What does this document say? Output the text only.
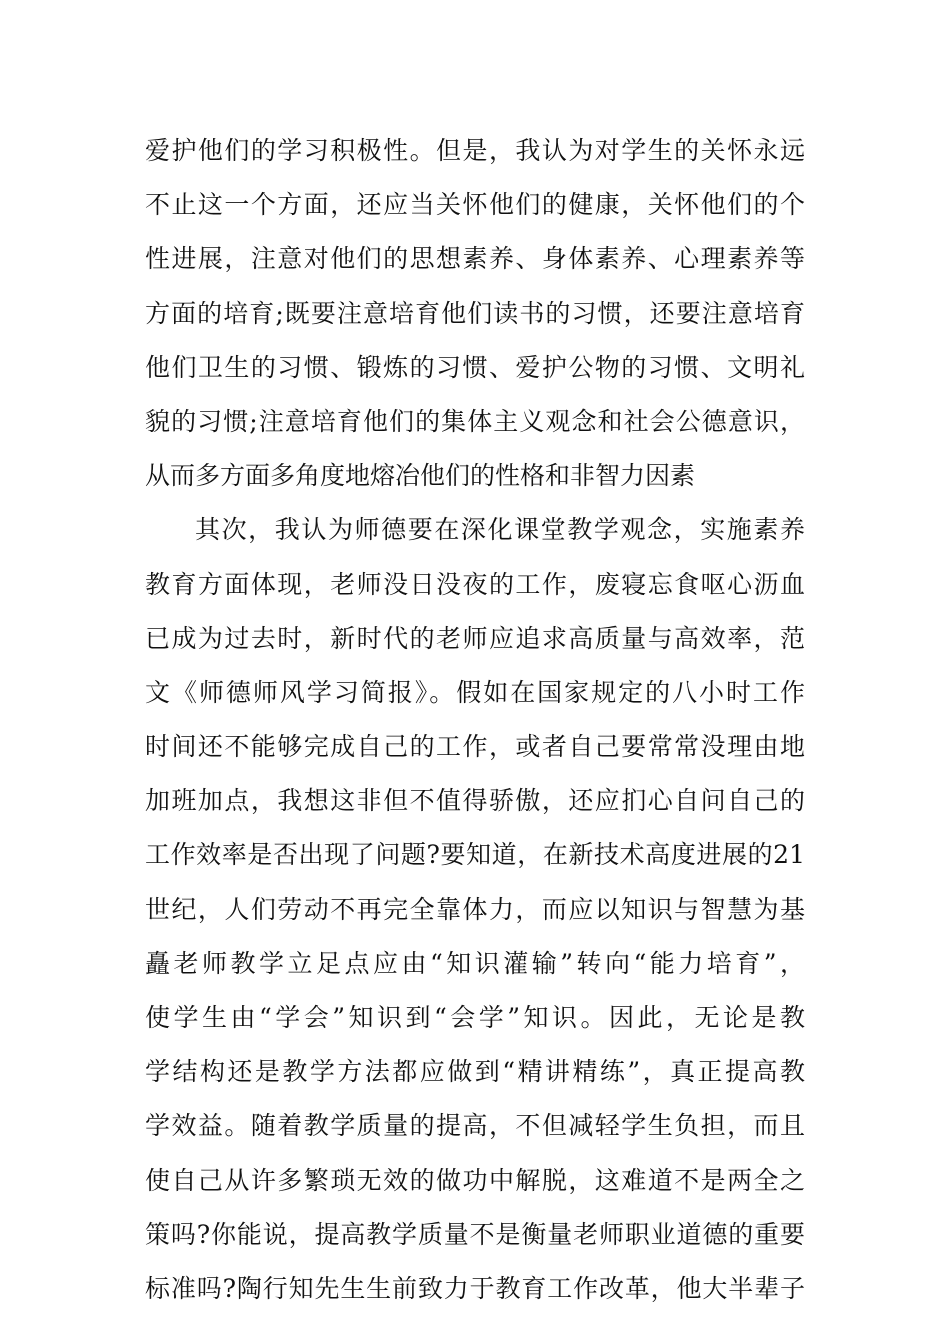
爱护他们的学习积极性。但是，我认为对学生的关怀永远
不止这一个方面，还应当关怀他们的健康，关怀他们的个
性进展，注意对他们的思想素养、身体素养、心理素养等
方面的培育;既要注意培育他们读书的习惯，还要注意培育
他们卫生的习惯、锻炼的习惯、爱护公物的习惯、文明礼
貌的习惯;注意培育他们的集体主义观念和社会公德意识，
从而多方面多角度地熔冶他们的性格和非智力因素
其次，我认为师德要在深化课堂教学观念，实施素养
教育方面体现，老师没日没夜的工作，废寝忘食呕心沥血
已成为过去时，新时代的老师应追求高质量与高效率，范
文《师德师风学习简报》。假如在国家规定的八小时工作
时间还不能够完成自己的工作，或者自己要常常没理由地
加班加点，我想这非但不值得骄傲，还应扪心自问自己的
工作效率是否出现了问题?要知道，在新技术高度进展的21
世纪，人们劳动不再完全靠体力，而应以知识与智慧为基
矗老师教学立足点应由“知识灌输”转向“能力培育”，
使学生由“学会”知识到“会学”知识。因此，无论是教
学结构还是教学方法都应做到“精讲精练”，真正提高教
学效益。随着教学质量的提高，不但减轻学生负担，而且
使自己从许多繁琐无效的做功中解脱，这难道不是两全之
策吗?你能说，提高教学质量不是衡量老师职业道德的重要
标准吗?陶行知先生生前致力于教育工作改革，他大半辈子
